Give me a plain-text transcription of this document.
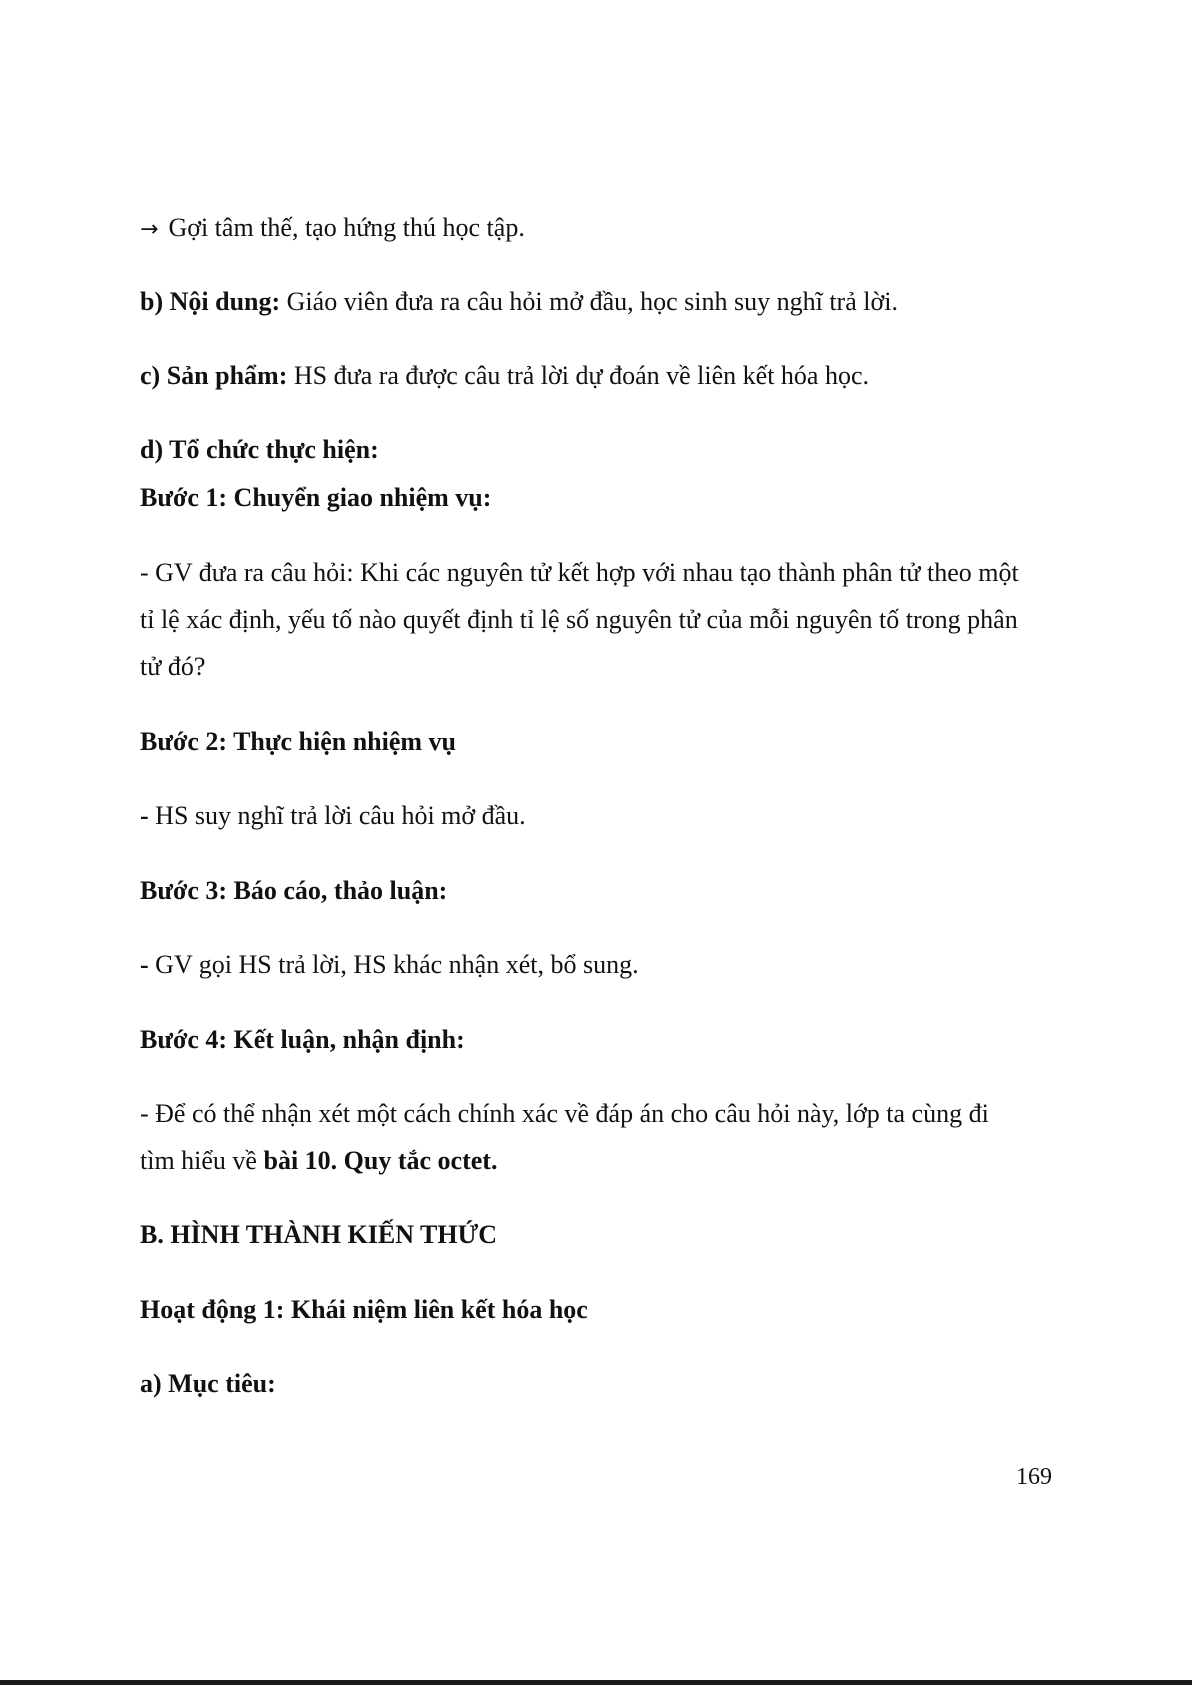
→ Gợi tâm thế, tạo hứng thú học tập.
b) Nội dung: Giáo viên đưa ra câu hỏi mở đầu, học sinh suy nghĩ trả lời.
c) Sản phẩm: HS đưa ra được câu trả lời dự đoán về liên kết hóa học.
d) Tổ chức thực hiện:
Bước 1: Chuyển giao nhiệm vụ:
- GV đưa ra câu hỏi: Khi các nguyên tử kết hợp với nhau tạo thành phân tử theo một
tỉ lệ xác định, yếu tố nào quyết định tỉ lệ số nguyên tử của mỗi nguyên tố trong phân
tử đó?
Bước 2: Thực hiện nhiệm vụ
- HS suy nghĩ trả lời câu hỏi mở đầu.
Bước 3: Báo cáo, thảo luận:
- GV gọi HS trả lời, HS khác nhận xét, bổ sung.
Bước 4: Kết luận, nhận định:
- Để có thể nhận xét một cách chính xác về đáp án cho câu hỏi này, lớp ta cùng đi
tìm hiểu về bài 10. Quy tắc octet.
B. HÌNH THÀNH KIẾN THỨC
Hoạt động 1: Khái niệm liên kết hóa học
a) Mục tiêu:
169
